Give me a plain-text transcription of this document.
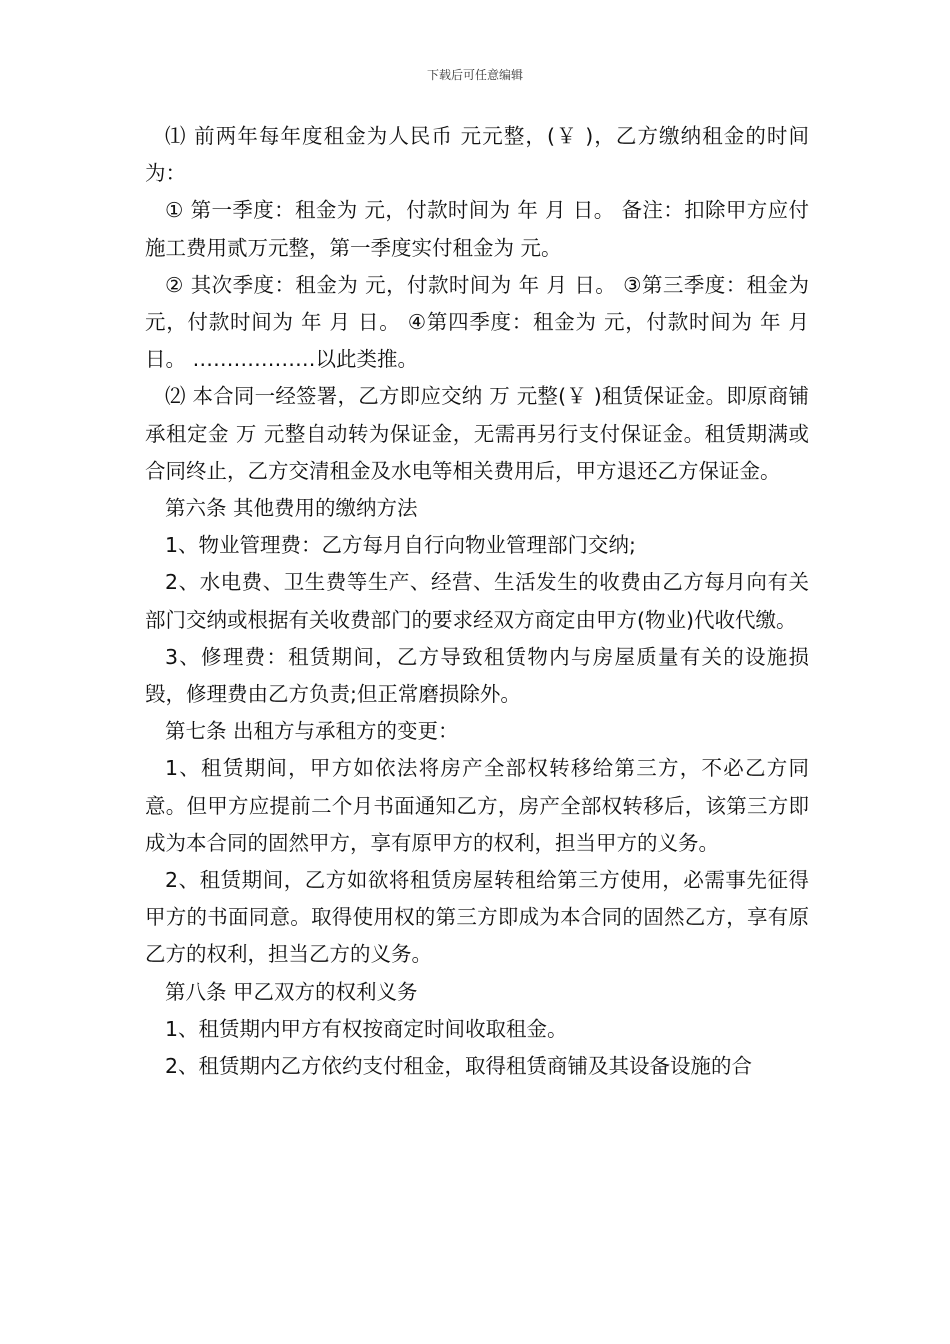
下载后可任意编辑

⑴ 前两年每年度租金为人民币 元元整，(￥ )，乙方缴纳租金的时间为：

① 第一季度：租金为 元，付款时间为 年 月 日。 备注：扣除甲方应付施工费用贰万元整，第一季度实付租金为 元。

② 其次季度：租金为 元，付款时间为 年 月 日。 ③第三季度：租金为 元，付款时间为 年 月 日。 ④第四季度：租金为 元，付款时间为 年 月 日。 ………………以此类推。

⑵ 本合同一经签署，乙方即应交纳 万 元整(￥ )租赁保证金。即原商铺承租定金 万 元整自动转为保证金，无需再另行支付保证金。租赁期满或合同终止，乙方交清租金及水电等相关费用后，甲方退还乙方保证金。

第六条 其他费用的缴纳方法

1、物业管理费：乙方每月自行向物业管理部门交纳;

2、水电费、卫生费等生产、经营、生活发生的收费由乙方每月向有关部门交纳或根据有关收费部门的要求经双方商定由甲方(物业)代收代缴。

3、修理费：租赁期间，乙方导致租赁物内与房屋质量有关的设施损毁，修理费由乙方负责;但正常磨损除外。

第七条 出租方与承租方的变更：

1、租赁期间，甲方如依法将房产全部权转移给第三方，不必乙方同意。但甲方应提前二个月书面通知乙方，房产全部权转移后，该第三方即成为本合同的固然甲方，享有原甲方的权利，担当甲方的义务。

2、租赁期间，乙方如欲将租赁房屋转租给第三方使用，必需事先征得甲方的书面同意。取得使用权的第三方即成为本合同的固然乙方，享有原乙方的权利，担当乙方的义务。

第八条 甲乙双方的权利义务

1、租赁期内甲方有权按商定时间收取租金。

2、租赁期内乙方依约支付租金，取得租赁商铺及其设备设施的合
